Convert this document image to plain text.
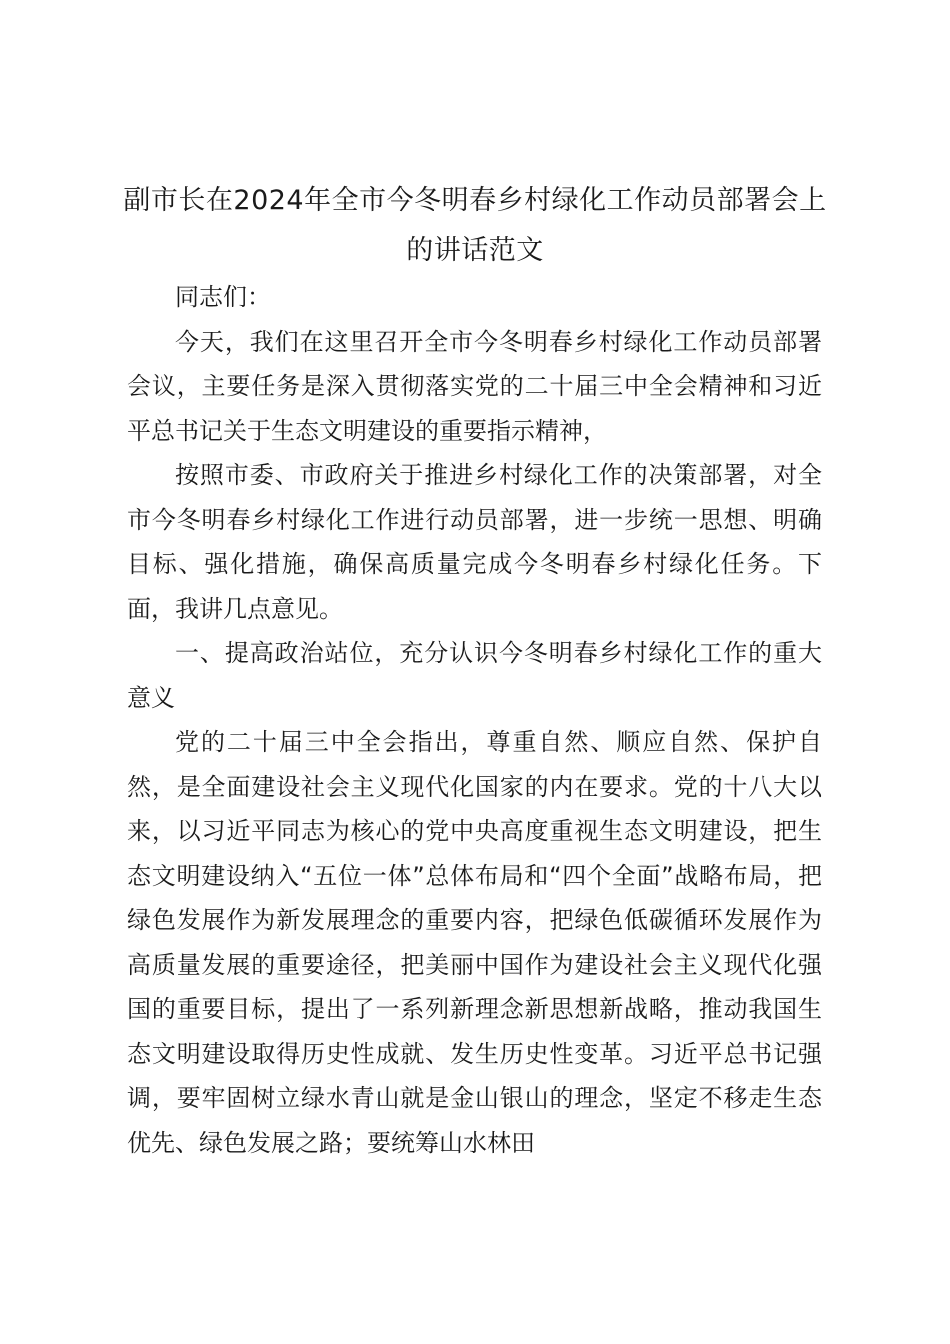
副市长在2024年全市今冬明春乡村绿化工作动员部署会上的讲话范文

同志们：

今天，我们在这里召开全市今冬明春乡村绿化工作动员部署会议，主要任务是深入贯彻落实党的二十届三中全会精神和习近平总书记关于生态文明建设的重要指示精神，

按照市委、市政府关于推进乡村绿化工作的决策部署，对全市今冬明春乡村绿化工作进行动员部署，进一步统一思想、明确目标、强化措施，确保高质量完成今冬明春乡村绿化任务。下面，我讲几点意见。

一、提高政治站位，充分认识今冬明春乡村绿化工作的重大意义

党的二十届三中全会指出，尊重自然、顺应自然、保护自然，是全面建设社会主义现代化国家的内在要求。党的十八大以来，以习近平同志为核心的党中央高度重视生态文明建设，把生态文明建设纳入“五位一体”总体布局和“四个全面”战略布局，把绿色发展作为新发展理念的重要内容，把绿色低碳循环发展作为高质量发展的重要途径，把美丽中国作为建设社会主义现代化强国的重要目标，提出了一系列新理念新思想新战略，推动我国生态文明建设取得历史性成就、发生历史性变革。习近平总书记强调，要牢固树立绿水青山就是金山银山的理念，坚定不移走生态优先、绿色发展之路；要统筹山水林田
